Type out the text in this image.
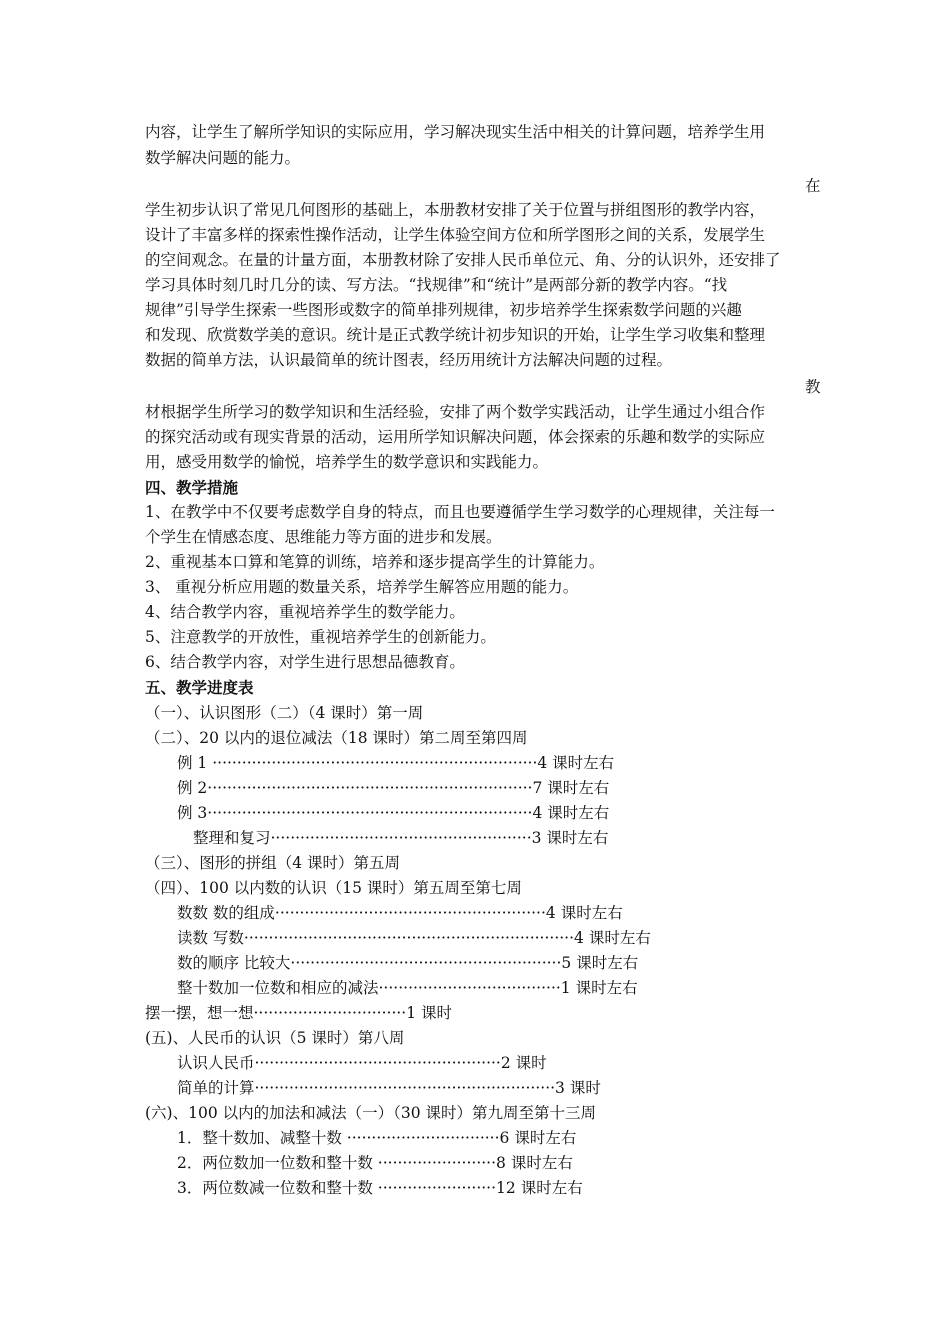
内容，让学生了解所学知识的实际应用，学习解决现实生活中相关的计算问题，培养学生用
数学解决问题的能力。
在
学生初步认识了常见几何图形的基础上，本册教材安排了关于位置与拼组图形的教学内容，
设计了丰富多样的探索性操作活动，让学生体验空间方位和所学图形之间的关系，发展学生
的空间观念。在量的计量方面，本册教材除了安排人民币单位元、角、分的认识外，还安排了
学习具体时刻几时几分的读、写方法。“找规律”和“统计”是两部分新的教学内容。“找
规律”引导学生探索一些图形或数字的简单排列规律，初步培养学生探索数学问题的兴趣
和发现、欣赏数学美的意识。统计是正式教学统计初步知识的开始，让学生学习收集和整理
数据的简单方法，认识最简单的统计图表，经历用统计方法解决问题的过程。
教
材根据学生所学习的数学知识和生活经验，安排了两个数学实践活动，让学生通过小组合作
的探究活动或有现实背景的活动，运用所学知识解决问题，体会探索的乐趣和数学的实际应
用，感受用数学的愉悦，培养学生的数学意识和实践能力。
四、教学措施
1、在教学中不仅要考虑数学自身的特点，而且也要遵循学生学习数学的心理规律，关注每一
个学生在情感态度、思维能力等方面的进步和发展。
2、重视基本口算和笔算的训练，培养和逐步提高学生的计算能力。
3、 重视分析应用题的数量关系，培养学生解答应用题的能力。
4、结合教学内容，重视培养学生的数学能力。
5、注意教学的开放性，重视培养学生的创新能力。
6、结合教学内容，对学生进行思想品德教育。
五、教学进度表
（一）、认识图形（二）（4 课时）第一周
（二）、20 以内的退位减法（18 课时）第二周至第四周
例 1 ··································································4 课时左右
例 2··································································7 课时左右
例 3··································································4 课时左右
整理和复习·····················································3 课时左右
（三）、图形的拼组（4 课时）第五周
（四）、100 以内数的认识（15 课时）第五周至第七周
数数 数的组成·······················································4 课时左右
读数 写数···································································4 课时左右
数的顺序 比较大·······················································5 课时左右
整十数加一位数和相应的减法·····································1 课时左右
摆一摆，想一想·······························1 课时
(五)、人民币的认识（5 课时）第八周
认识人民币··················································2 课时
简单的计算·····························································3 课时
(六)、100 以内的加法和减法（一）（30 课时）第九周至第十三周
1．整十数加、减整十数 ·······························6 课时左右
2．两位数加一位数和整十数 ························8 课时左右
3．两位数减一位数和整十数 ························12 课时左右
